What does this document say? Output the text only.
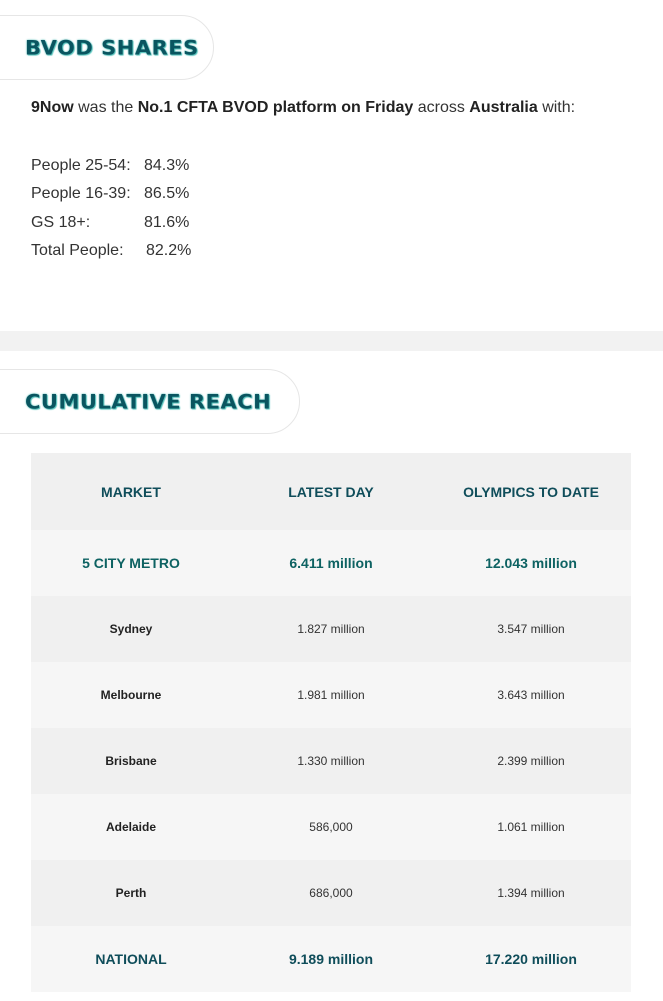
BVOD SHARES

9Now was the No.1 CFTA BVOD platform on Friday across Australia with:

People 25-54: 84.3%
People 16-39: 86.5%
GS 18+:	81.6%
Total People: 82.2%
CUMULATIVE REACH
MARKET	LATEST DAY	OLYMPICS TO DATE
5 CITY METRO	6.411 million	12.043 million
Sydney	1.827 million	3.547 million
Melbourne	1.981 million	3.643 million
Brisbane	1.330 million	2.399 million
Adelaide	586,000	1.061 million
Perth	686,000	1.394 million
NATIONAL	9.189 million	17.220 million
